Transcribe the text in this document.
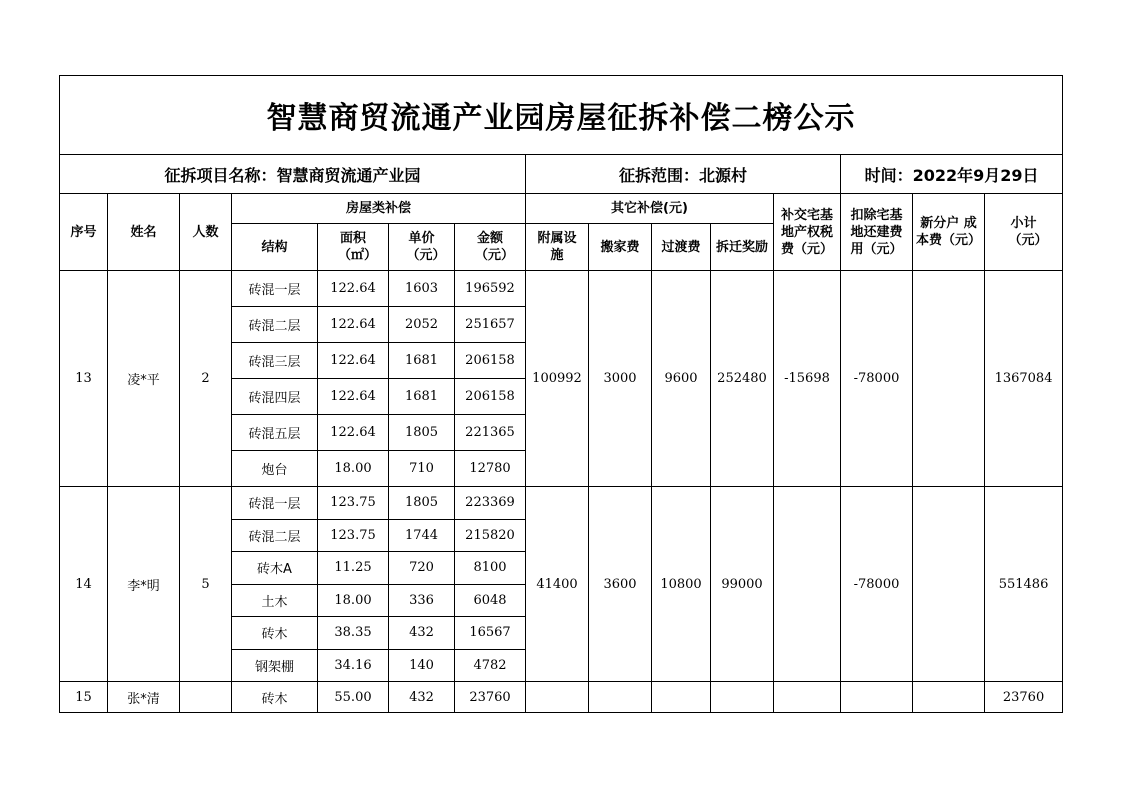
智慧商贸流通产业园房屋征拆补偿二榜公示														
征拆项目名称：智慧商贸流通产业园							征拆范围：北源村					时间：2022年9月29日		
序号	姓名	人数	房屋类补偿				其它补偿(元)				补交宅基地产权税费（元）	扣除宅基地还建费用（元）	新分户 成本费（元）	小计（元）
			结构	面积（㎡）	单价（元）	金额（元）	附属设施	搬家费	过渡费	拆迁奖励				
13	凌*平	2	砖混一层	122.64	1603	196592	100992	3000	9600	252480	-15698	-78000		1367084
			砖混二层	122.64	2052	251657								
			砖混三层	122.64	1681	206158								
			砖混四层	122.64	1681	206158								
			砖混五层	122.64	1805	221365								
			炮台	18.00	710	12780								
14	李*明	5	砖混一层	123.75	1805	223369	41400	3600	10800	99000		-78000		551486
			砖混二层	123.75	1744	215820								
			砖木A	11.25	720	8100								
			土木	18.00	336	6048								
			砖木	38.35	432	16567								
			钢架棚	34.16	140	4782								
15	张*清		砖木	55.00	432	23760								23760
